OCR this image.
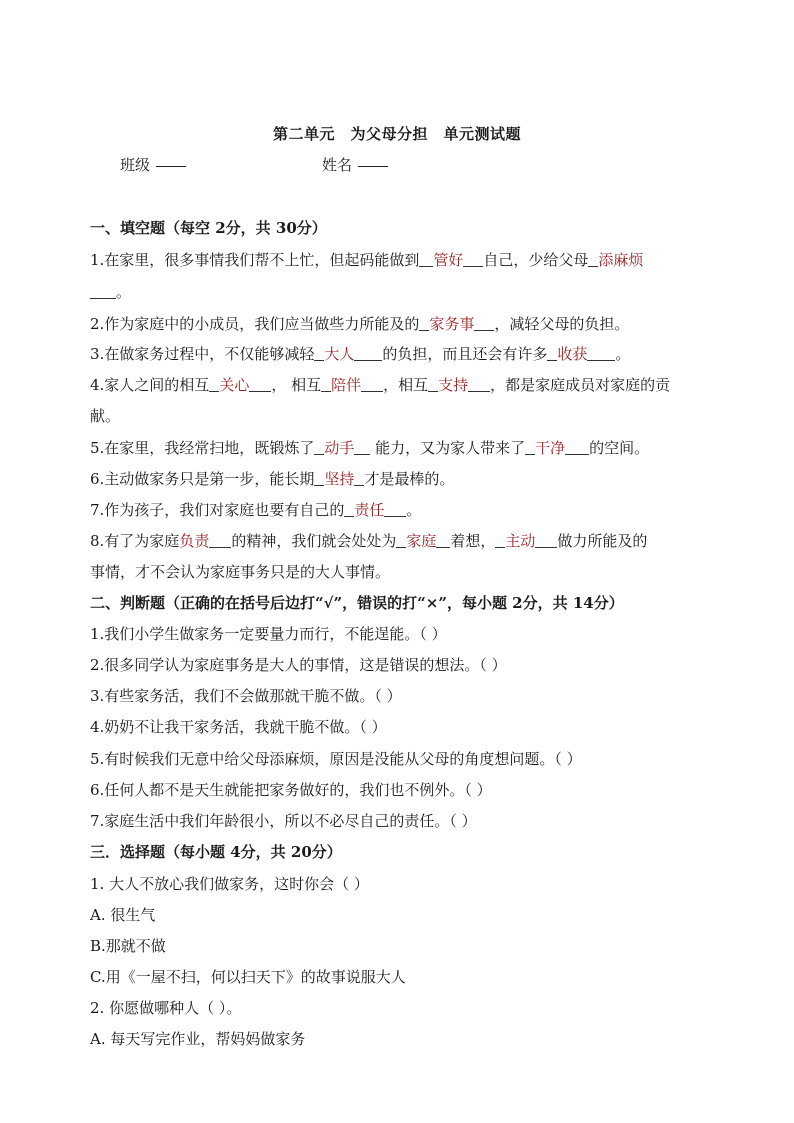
第二单元　为父母分担　单元测试题
班级	姓名
一、填空题（每空 2分，共 30分）
1.在家里，很多事情我们帮不上忙，但起码能做到 管好 自己，少给父母 添麻烦
。
2.作为家庭中的小成员，我们应当做些力所能及的 家务事 ，减轻父母的负担。
3.在做家务过程中，不仅能够减轻 大人 的负担，而且还会有许多 收获 。
4.家人之间的相互 关心 ， 相互 陪伴 ，相互 支持 ，都是家庭成员对家庭的贡
献。
5.在家里，我经常扫地，既锻炼了 动手 能力，又为家人带来了 干净 的空间。
6.主动做家务只是第一步，能长期 坚持 才是最棒的。
7.作为孩子，我们对家庭也要有自己的 责任 。
8.有了为家庭负责 的精神，我们就会处处为 家庭 着想， 主动 做力所能及的
事情，才不会认为家庭事务只是的大人事情。
二、判断题（正确的在括号后边打“√”，错误的打“×”，每小题 2分，共 14分）
1.我们小学生做家务一定要量力而行，不能逞能。（ ）
2.很多同学认为家庭事务是大人的事情，这是错误的想法。（ ）
3.有些家务活，我们不会做那就干脆不做。（ ）
4.奶奶不让我干家务活，我就干脆不做。（ ）
5.有时候我们无意中给父母添麻烦，原因是没能从父母的角度想问题。（ ）
6.任何人都不是天生就能把家务做好的，我们也不例外。（ ）
7.家庭生活中我们年龄很小，所以不必尽自己的责任。（ ）
三．选择题（每小题 4分，共 20分）
1. 大人不放心我们做家务，这时你会（ ）
A. 很生气
B.那就不做
C.用《一屋不扫，何以扫天下》的故事说服大人
2. 你愿做哪种人（ ）。
A. 每天写完作业，帮妈妈做家务
